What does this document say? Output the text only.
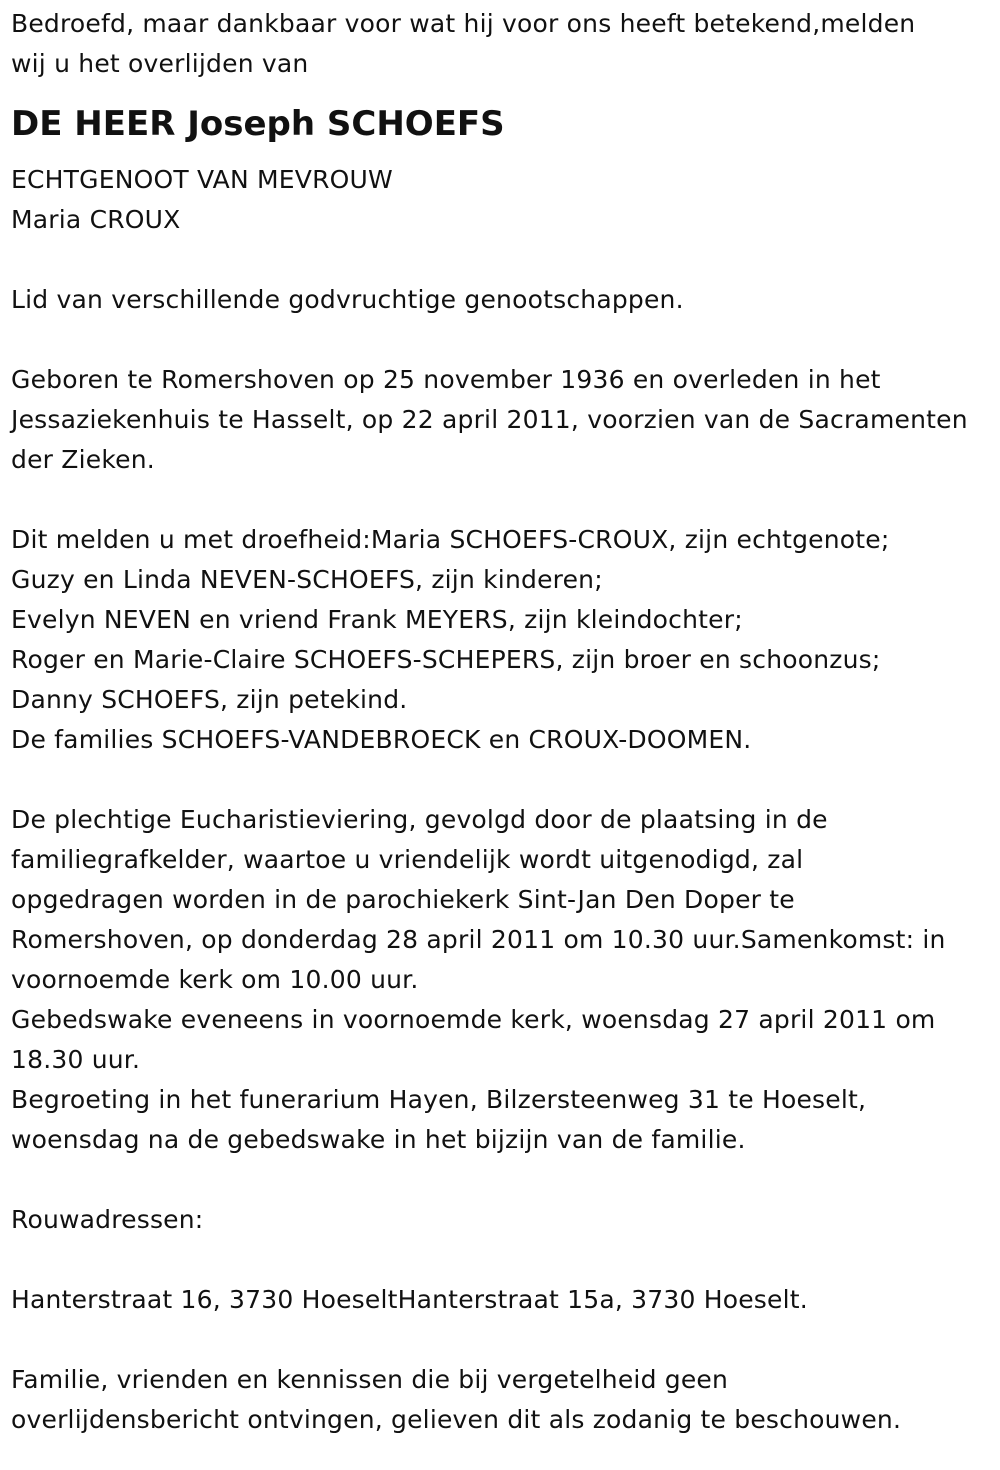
Bedroefd, maar dankbaar voor wat hij voor ons heeft betekend,melden
wij u het overlijden van
DE HEER Joseph SCHOEFS
ECHTGENOOT VAN MEVROUW
Maria CROUX
Lid van verschillende godvruchtige genootschappen.
Geboren te Romershoven op 25 november 1936 en overleden in het
Jessaziekenhuis te Hasselt, op 22 april 2011, voorzien van de Sacramenten
der Zieken.
Dit melden u met droefheid:Maria SCHOEFS-CROUX, zijn echtgenote;
Guzy en Linda NEVEN-SCHOEFS, zijn kinderen;
Evelyn NEVEN en vriend Frank MEYERS, zijn kleindochter;
Roger en Marie-Claire SCHOEFS-SCHEPERS, zijn broer en schoonzus;
Danny SCHOEFS, zijn petekind.
De families SCHOEFS-VANDEBROECK en CROUX-DOOMEN.
De plechtige Eucharistieviering, gevolgd door de plaatsing in de
familiegrafkelder, waartoe u vriendelijk wordt uitgenodigd, zal
opgedragen worden in de parochiekerk Sint-Jan Den Doper te
Romershoven, op donderdag 28 april 2011 om 10.30 uur.Samenkomst: in
voornoemde kerk om 10.00 uur.
Gebedswake eveneens in voornoemde kerk, woensdag 27 april 2011 om
18.30 uur.
Begroeting in het funerarium Hayen, Bilzersteenweg 31 te Hoeselt,
woensdag na de gebedswake in het bijzijn van de familie.
Rouwadressen:
Hanterstraat 16, 3730 HoeseltHanterstraat 15a, 3730 Hoeselt.
Familie, vrienden en kennissen die bij vergetelheid geen
overlijdensbericht ontvingen, gelieven dit als zodanig te beschouwen.
